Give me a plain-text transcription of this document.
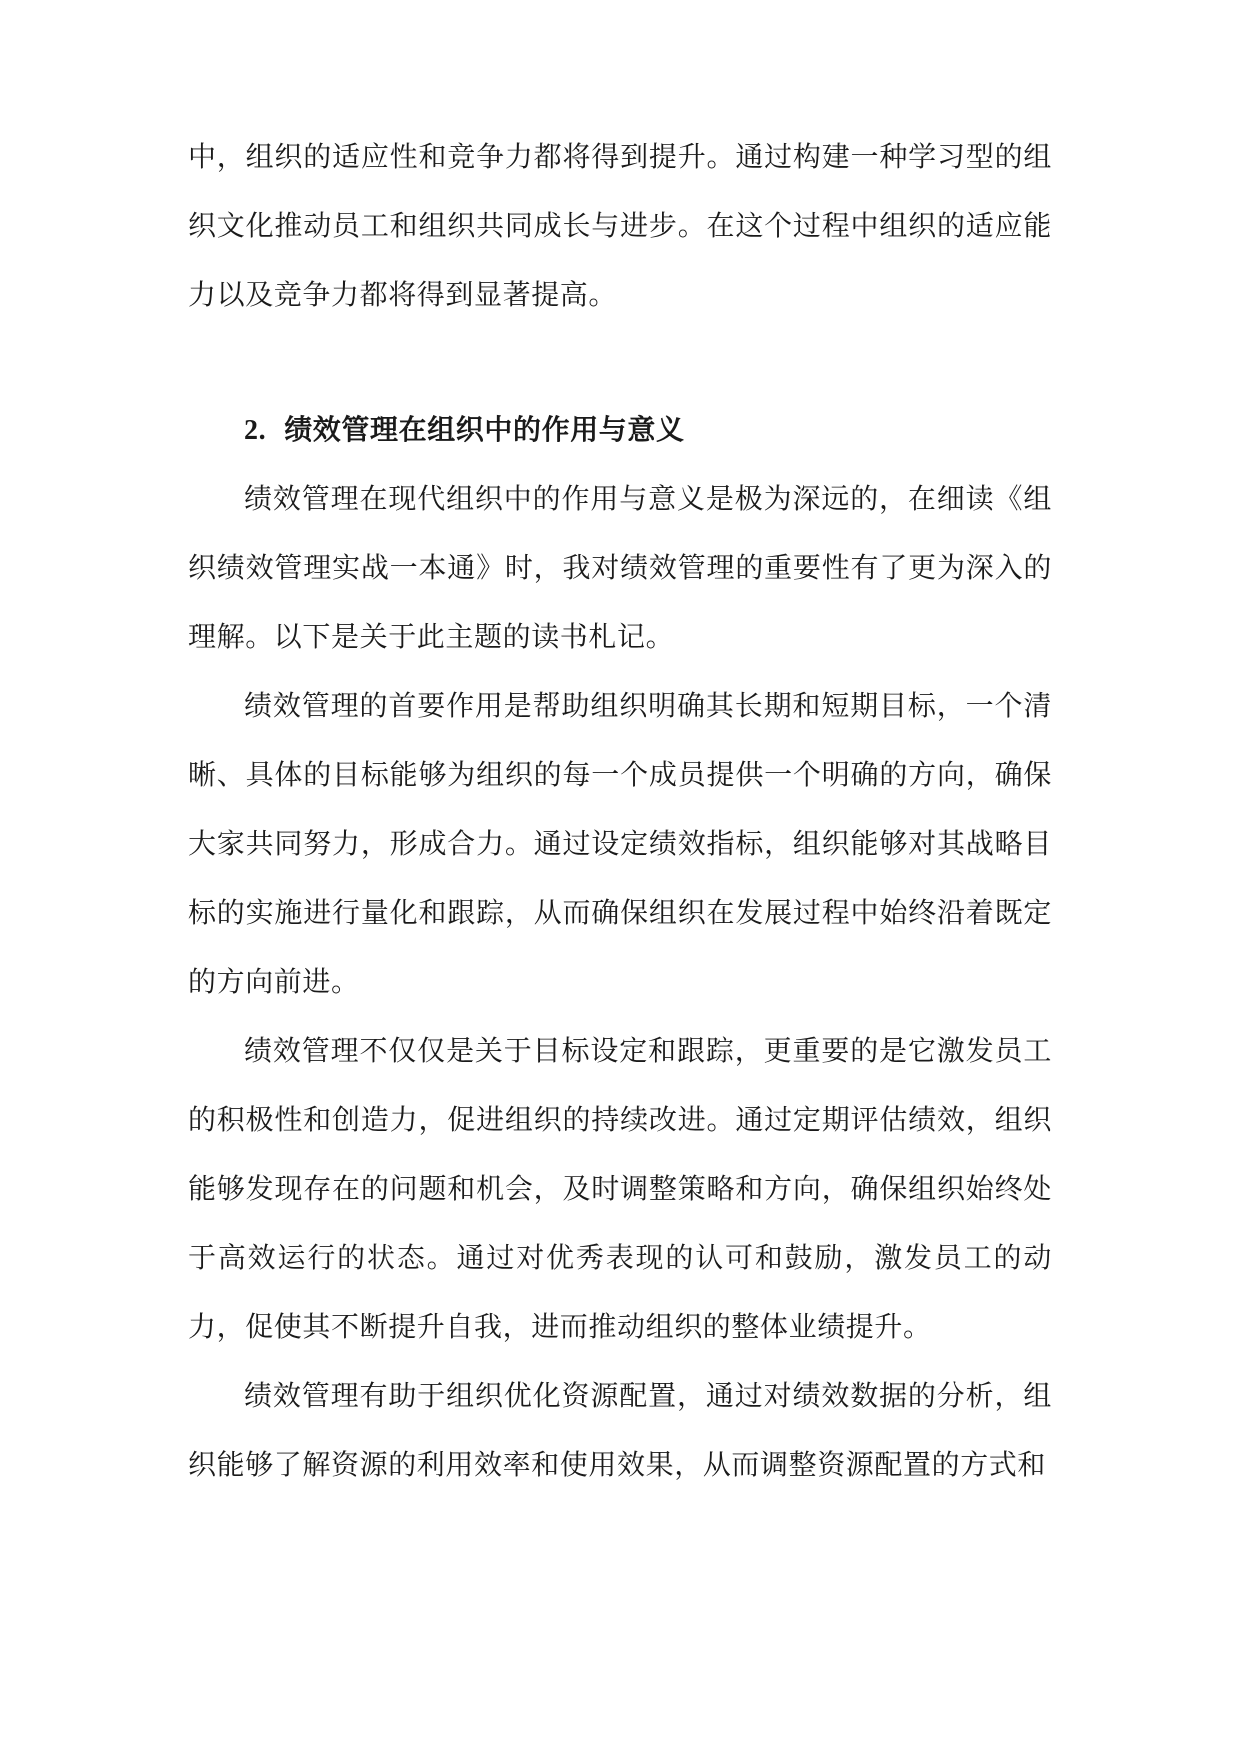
中，组织的适应性和竞争力都将得到提升。通过构建一种学习型的组织文化推动员工和组织共同成长与进步。在这个过程中组织的适应能力以及竞争力都将得到显著提高。

2. 绩效管理在组织中的作用与意义

绩效管理在现代组织中的作用与意义是极为深远的，在细读《组织绩效管理实战一本通》时，我对绩效管理的重要性有了更为深入的理解。以下是关于此主题的读书札记。

绩效管理的首要作用是帮助组织明确其长期和短期目标，一个清晰、具体的目标能够为组织的每一个成员提供一个明确的方向，确保大家共同努力，形成合力。通过设定绩效指标，组织能够对其战略目标的实施进行量化和跟踪，从而确保组织在发展过程中始终沿着既定的方向前进。

绩效管理不仅仅是关于目标设定和跟踪，更重要的是它激发员工的积极性和创造力，促进组织的持续改进。通过定期评估绩效，组织能够发现存在的问题和机会，及时调整策略和方向，确保组织始终处于高效运行的状态。通过对优秀表现的认可和鼓励，激发员工的动力，促使其不断提升自我，进而推动组织的整体业绩提升。

绩效管理有助于组织优化资源配置，通过对绩效数据的分析，组织能够了解资源的利用效率和使用效果，从而调整资源配置的方式和
